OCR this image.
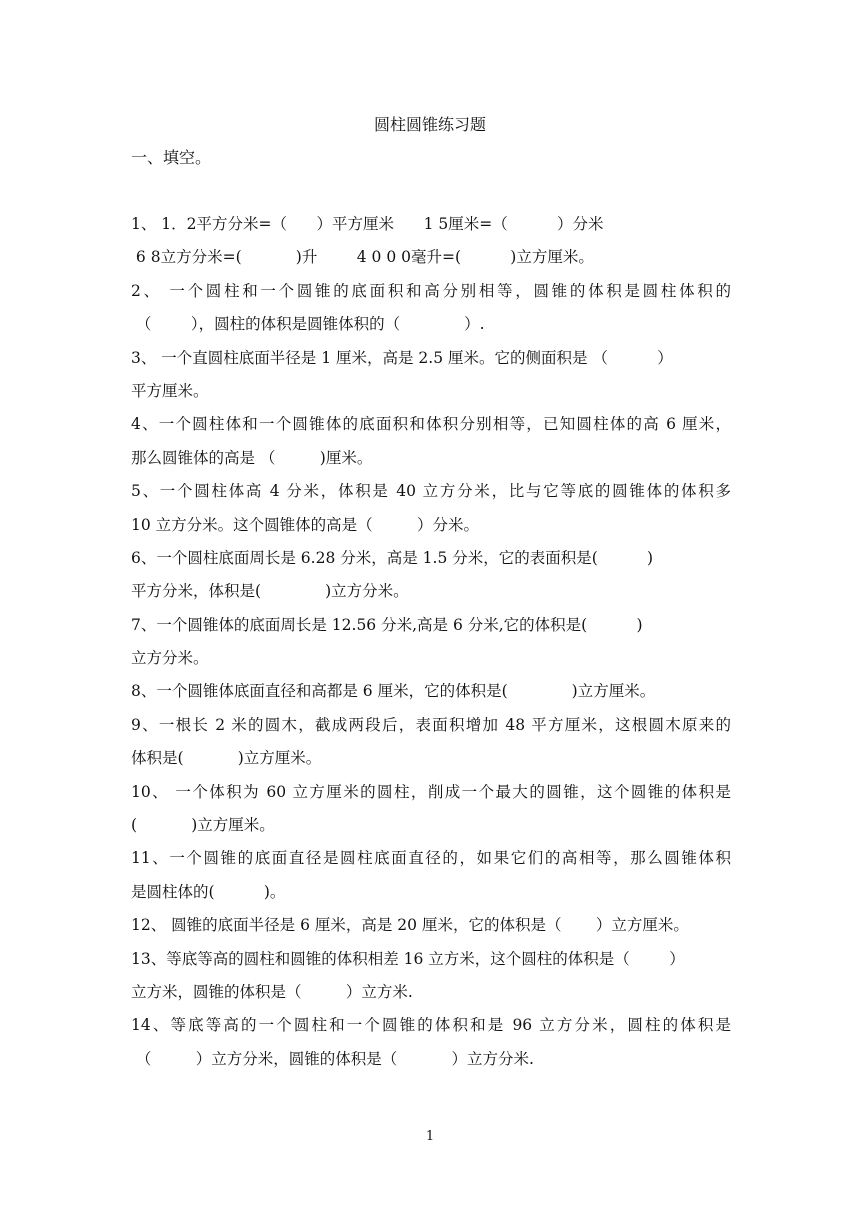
圆柱圆锥练习题
一、填空。
1、 1．2平方分米=（      ）平方厘米      1 5厘米=（          ）分米
6 8立方分米=(           )升        4 0 0 0毫升=(          )立方厘米。
2、 一个圆柱和一个圆锥的底面积和高分别相等，圆锥的体积是圆柱体积的
（        ），圆柱的体积是圆锥体积的（             ）.
3、 一个直圆柱底面半径是 1 厘米，高是 2.5 厘米。它的侧面积是 （          ）
平方厘米。
4、一个圆柱体和一个圆锥体的底面积和体积分别相等，已知圆柱体的高 6 厘米，
那么圆锥体的高是 （         )厘米。
5、一个圆柱体高 4 分米，体积是 40 立方分米，比与它等底的圆锥体的体积多
10 立方分米。这个圆锥体的高是（         ）分米。
6、一个圆柱底面周长是 6.28 分米，高是 1.5 分米，它的表面积是(          )
平方分米，体积是(             )立方分米。
7、一个圆锥体的底面周长是 12.56 分米,高是 6 分米,它的体积是(          )
立方分米。
8、一个圆锥体底面直径和高都是 6 厘米，它的体积是(             )立方厘米。
9、一根长 2 米的圆木，截成两段后，表面积增加 48 平方厘米，这根圆木原来的
体积是(           )立方厘米。
10、 一个体积为 60 立方厘米的圆柱，削成一个最大的圆锥，这个圆锥的体积是
(           )立方厘米。
11、一个圆锥的底面直径是圆柱底面直径的，如果它们的高相等，那么圆锥体积
是圆柱体的(          )。
12、 圆锥的底面半径是 6 厘米，高是 20 厘米，它的体积是（       ）立方厘米。
13、等底等高的圆柱和圆锥的体积相差 16 立方米，这个圆柱的体积是（        ）
立方米，圆锥的体积是（         ）立方米.
14、等底等高的一个圆柱和一个圆锥的体积和是 96 立方分米，圆柱的体积是
（         ）立方分米，圆锥的体积是（           ）立方分米.
1
